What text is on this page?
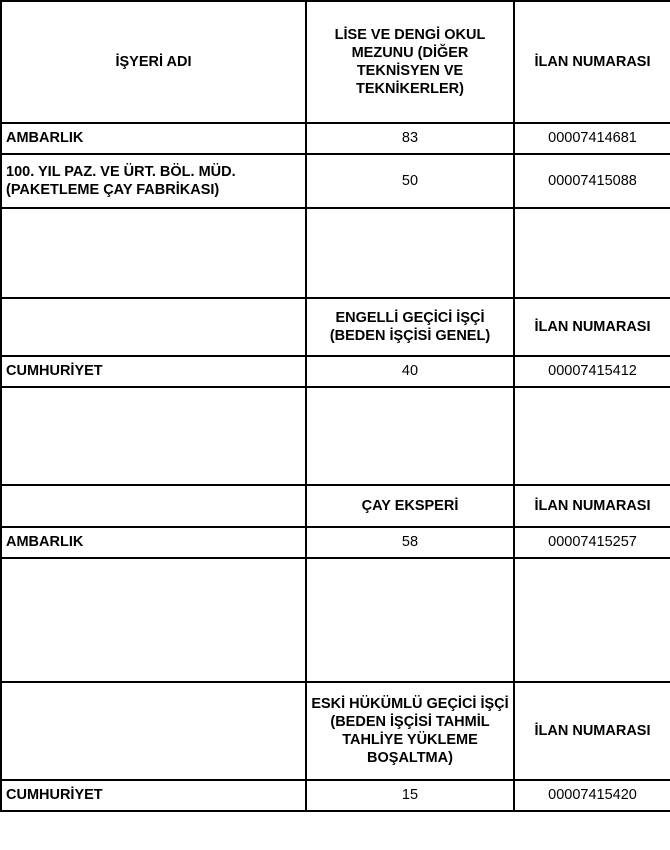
İŞYERİ ADI	LİSE VE DENGİ OKUL MEZUNU (DİĞER TEKNİSYEN VE TEKNİKERLER)	İLAN NUMARASI
AMBARLIK	83	00007414681
100. YIL PAZ. VE ÜRT. BÖL. MÜD. (PAKETLEME ÇAY FABRİKASI)	50	00007415088

	ENGELLİ GEÇİCİ İŞÇİ (BEDEN İŞÇİSİ GENEL)	İLAN NUMARASI
CUMHURİYET	40	00007415412

	ÇAY EKSPERİ	İLAN NUMARASI
AMBARLIK	58	00007415257

	ESKİ HÜKÜMLÜ GEÇİCİ İŞÇİ (BEDEN İŞÇİSİ TAHMİL TAHLİYE YÜKLEME BOŞALTMA)	İLAN NUMARASI
CUMHURİYET	15	00007415420
